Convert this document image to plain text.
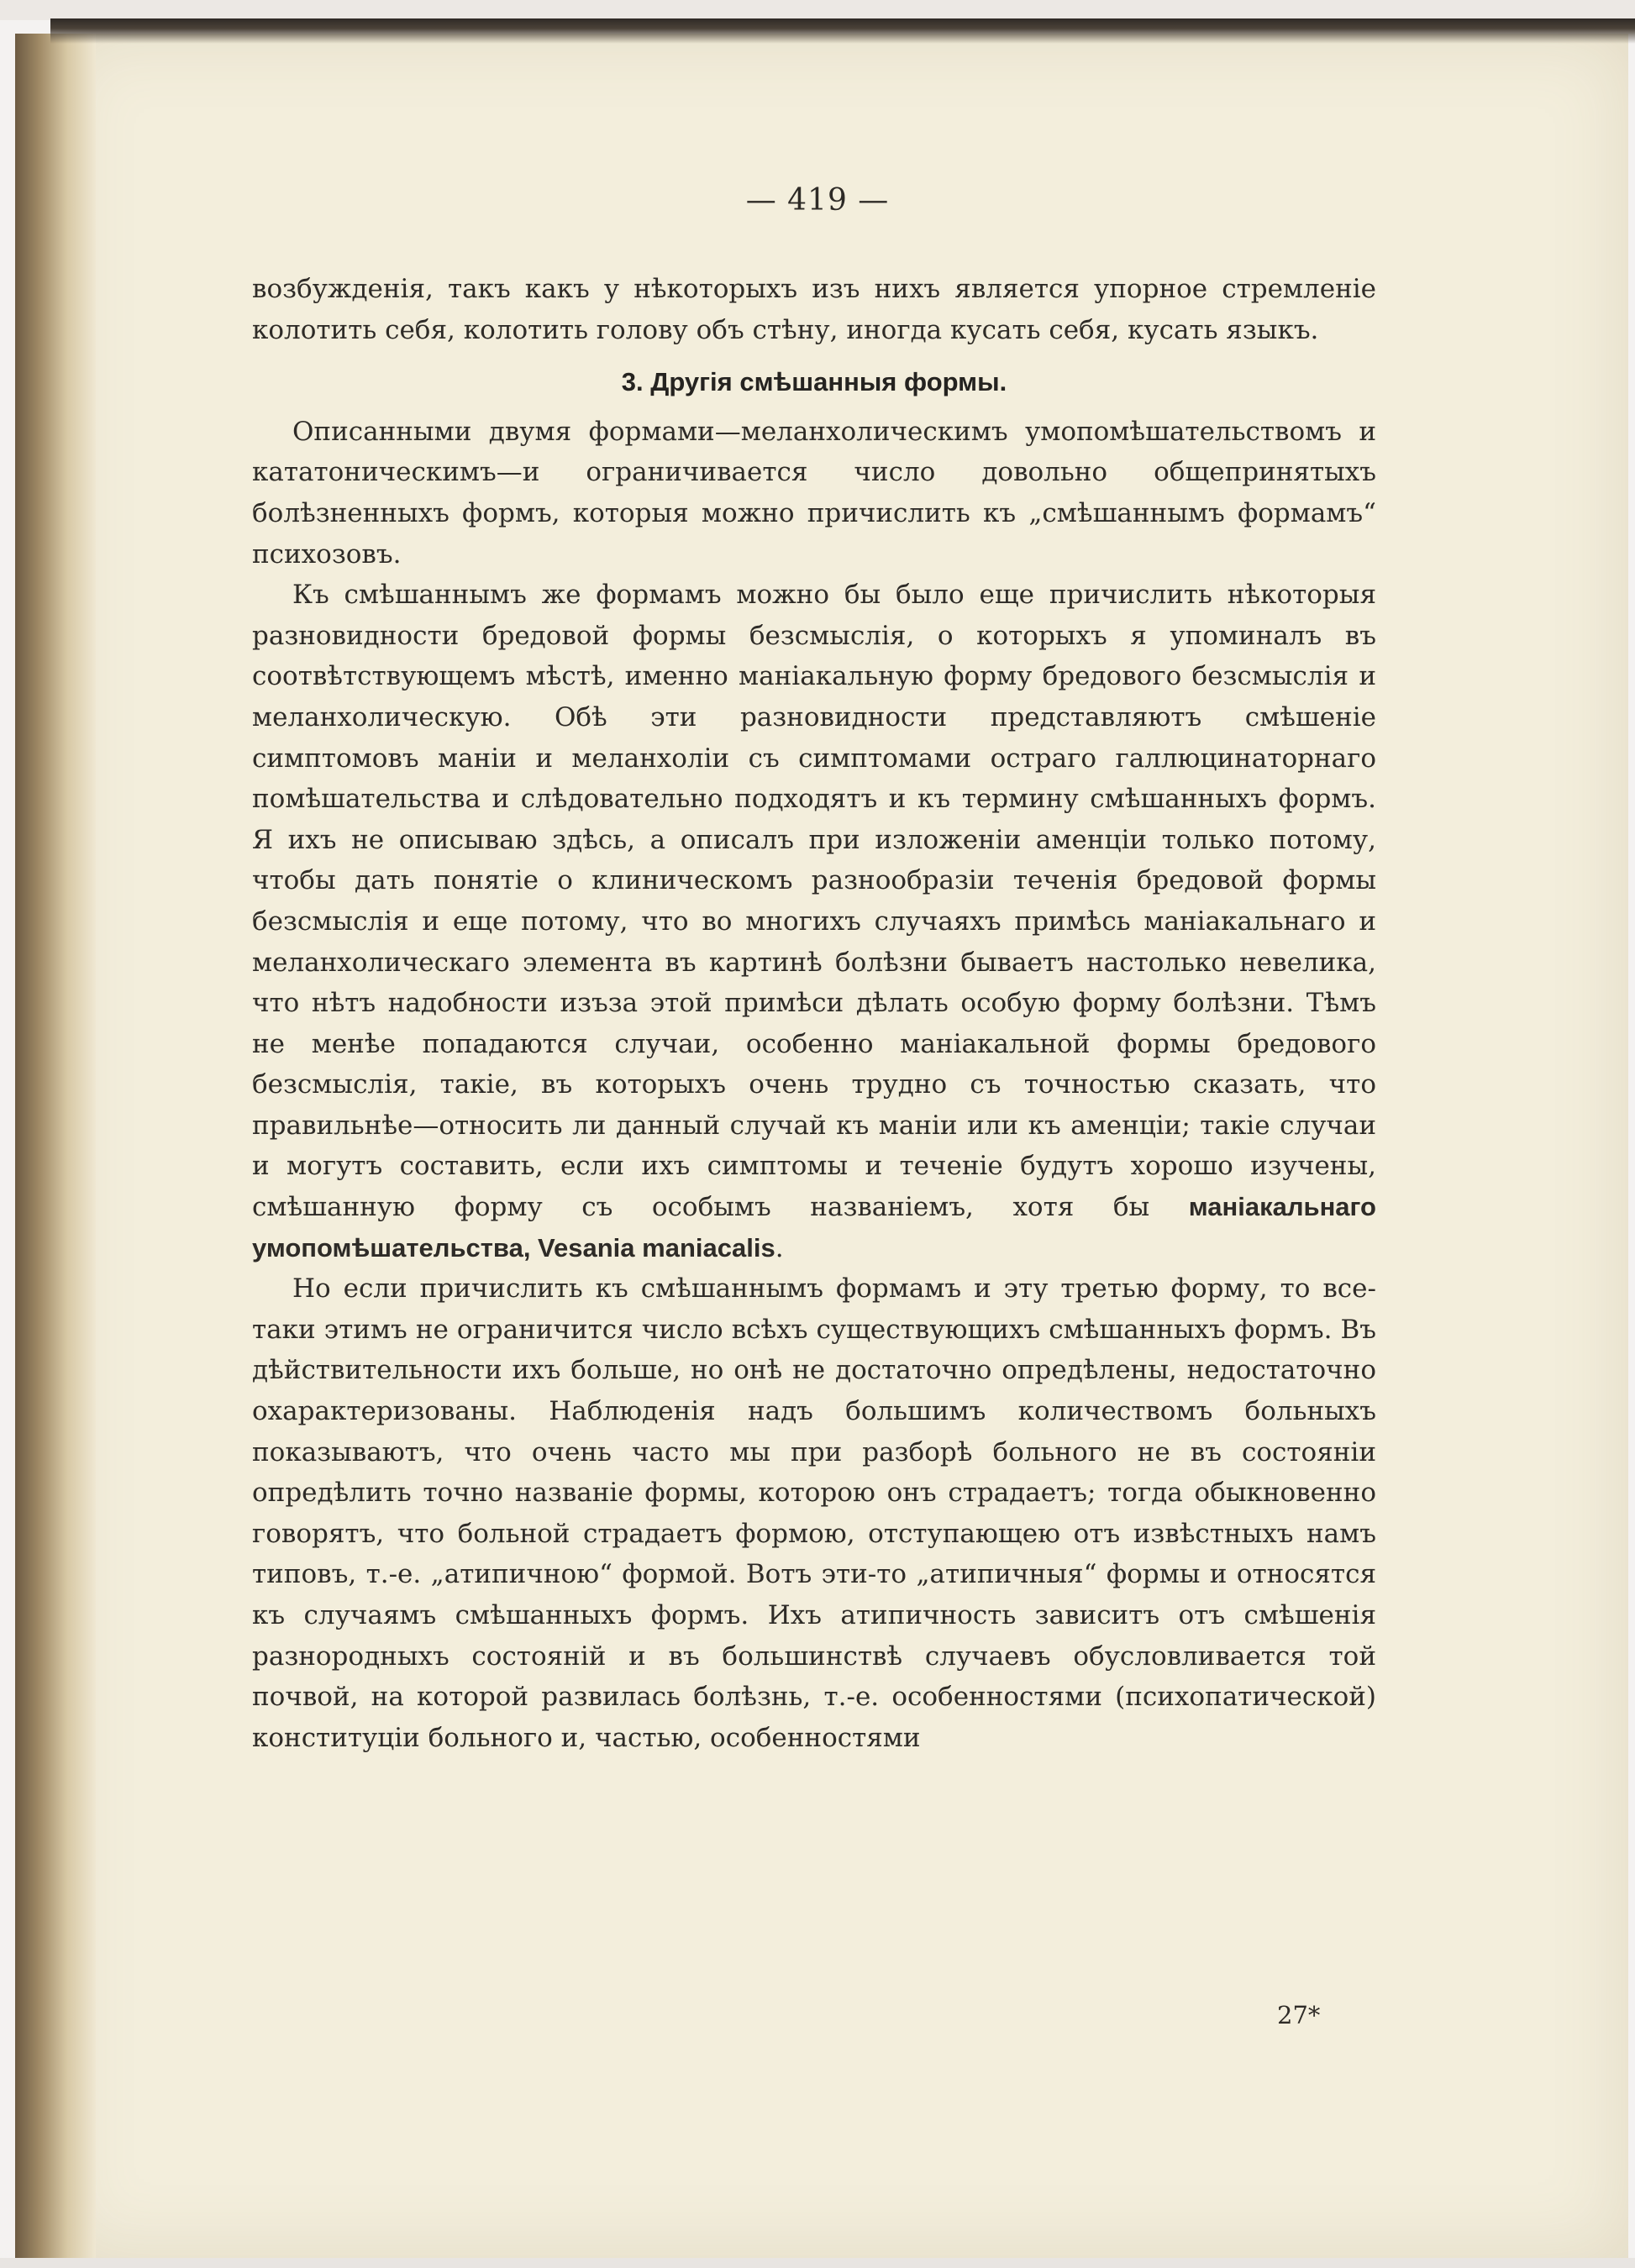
— 419 —

возбужденія, такъ какъ у нѣкоторыхъ изъ нихъ является упорное стремленіе колотить себя, колотить голову объ стѣну, иногда кусать себя, кусать языкъ.

3. Другія смѣшанныя формы.

Описанными двумя формами—меланхолическимъ умопомѣшательствомъ и кататоническимъ—и ограничивается число довольно общепринятыхъ болѣзненныхъ формъ, которыя можно причислить къ „смѣшаннымъ формамъ“ психозовъ.

Къ смѣшаннымъ же формамъ можно бы было еще причислить нѣкоторыя разновидности бредовой формы безсмыслія, о которыхъ я упоминалъ въ соотвѣтствующемъ мѣстѣ, именно маніакальную форму бредового безсмыслія и меланхолическую. Обѣ эти разновидности представляютъ смѣшеніе симптомовъ маніи и меланхоліи съ симптомами остраго галлюцинаторнаго помѣшательства и слѣдовательно подходятъ и къ термину смѣшанныхъ формъ. Я ихъ не описываю здѣсь, а описалъ при изложеніи аменціи только потому, чтобы дать понятіе о клиническомъ разнообразіи теченія бредовой формы безсмыслія и еще потому, что во многихъ случаяхъ примѣсь маніакальнаго и меланхолическаго элемента въ картинѣ болѣзни бываетъ настолько невелика, что нѣтъ надобности изъза этой примѣси дѣлать особую форму болѣзни. Тѣмъ не менѣе попадаются случаи, особенно маніакальной формы бредового безсмыслія, такіе, въ которыхъ очень трудно съ точностью сказать, что правильнѣе—относить ли данный случай къ маніи или къ аменціи; такіе случаи и могутъ составить, если ихъ симптомы и теченіе будутъ хорошо изучены, смѣшанную форму съ особымъ названіемъ, хотя бы маніакальнаго умопомѣшательства, Vesania maniacalis.

Но если причислить къ смѣшаннымъ формамъ и эту третью форму, то все-таки этимъ не ограничится число всѣхъ существующихъ смѣшанныхъ формъ. Въ дѣйствительности ихъ больше, но онѣ не достаточно опредѣлены, недостаточно охарактеризованы. Наблюденія надъ большимъ количествомъ больныхъ показываютъ, что очень часто мы при разборѣ больного не въ состояніи опредѣлить точно названіе формы, которою онъ страдаетъ; тогда обыкновенно говорятъ, что больной страдаетъ формою, отступающею отъ извѣстныхъ намъ типовъ, т.-е. „атипичною“ формой. Вотъ эти-то „атипичныя“ формы и относятся къ случаямъ смѣшанныхъ формъ. Ихъ атипичность зависитъ отъ смѣшенія разнородныхъ состояній и въ большинствѣ случаевъ обусловливается той почвой, на которой развилась болѣзнь, т.-е. особенностями (психопатической) конституціи больного и, частью, особенностями

27*
